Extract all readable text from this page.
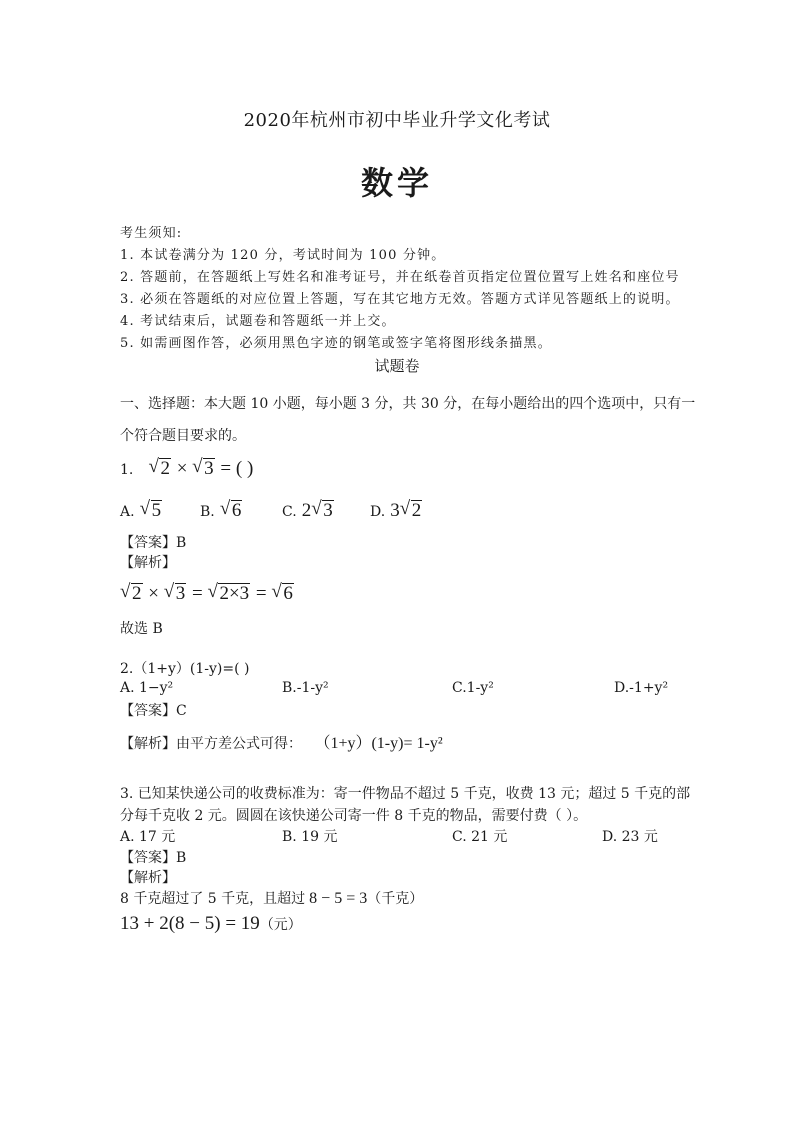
2020年杭州市初中毕业升学文化考试
数学
考生须知:
1. 本试卷满分为 120 分，考试时间为 100 分钟。
2. 答题前，在答题纸上写姓名和准考证号，并在纸卷首页指定位置位置写上姓名和座位号
3. 必须在答题纸的对应位置上答题，写在其它地方无效。答题方式详见答题纸上的说明。
4. 考试结束后，试题卷和答题纸一并上交。
5. 如需画图作答，必须用黑色字迹的钢笔或签字笔将图形线条描黑。
试题卷
一、选择题：本大题 10 小题，每小题 3 分，共 30 分，在每小题给出的四个选项中，只有一
个符合题目要求的。
1. √ 2 × √ 3 = ( )
A. √ 5	B. √ 6	C. 2 √ 3	D. 3 √ 2
【答案】B
【解析】
√ 2 × √ 3 = √ 2×3 = √ 6
故选 B
2.（1+y）(1-y)=( )
A. 1−y²	B.-1-y²	C.1-y²	D.-1+y²
【答案】C
【解析】由平方差公式可得： （1+y）(1-y)= 1-y²
3. 已知某快递公司的收费标准为：寄一件物品不超过 5 千克，收费 13 元；超过 5 千克的部
分每千克收 2 元。圆圆在该快递公司寄一件 8 千克的物品，需要付费（ ）。
A. 17 元	B. 19 元	C. 21 元	D. 23 元
【答案】B
【解析】
8 千克超过了 5 千克，且超过 8 − 5 = 3（千克）
13 + 2(8 − 5) = 19（元）
